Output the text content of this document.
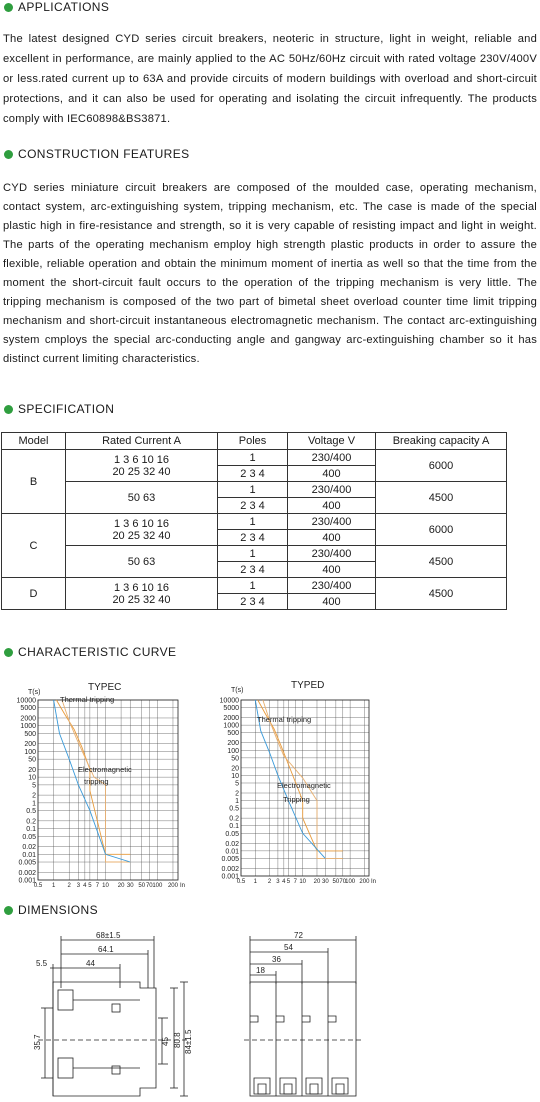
APPLICATIONS

The latest designed CYD series circuit breakers, neoteric in structure, light in weight, reliable and excellent in performance, are mainly applied to the AC 50Hz/60Hz circuit with rated voltage 230V/400V or less.rated current up to 63A and provide circuits of modern buildings with overload and short-circuit protections, and it can also be used for operating and isolating the circuit infrequently. The products comply with IEC60898&BS3871.

CONSTRUCTION FEATURES

CYD series miniature circuit breakers are composed of the moulded case, operating mechanism, contact system, arc-extinguishing system, tripping mechanism, etc. The case is made of the special plastic high in fire-resistance and strength, so it is very capable of resisting impact and light in weight. The parts of the operating mechanism employ high strength plastic products in order to assure the flexible, reliable operation and obtain the minimum moment of inertia as well so that the time from the moment the short-circuit fault occurs to the operation of the tripping mechanism is very little. The tripping mechanism is composed of the two part of bimetal sheet overload counter time limit tripping mechanism and short-circuit instantaneous electromagnetic mechanism. The contact arc-extinguishing system cmploys the special arc-conducting angle and gangway arc-extinguishing chamber so it has distinct current limiting characteristics.

SPECIFICATION
Model	Rated Current A	Poles	Voltage V	Breaking capacity A
B	1 3 6 10 16
20 25 32 40	1	230/400	6000
		2 3 4	400	
	50 63	1	230/400	4500
		2 3 4	400	
C	1 3 6 10 16
20 25 32 40	1	230/400	6000
		2 3 4	400	
	50 63	1	230/400	4500
		2 3 4	400	
D	1 3 6 10 16
20 25 32 40	1	230/400	4500
		2 3 4	400	
CHARACTERISTIC CURVE
TYPEC
T(s)
10000
5000
2000
1000
500
200
100
50
20
10
5
2
1
0.5
0.2
0.1
0.05
0.02
0.01
0.005
0.002
0.001
0.5 1 2 3 4 5 7 10 20 30 50 70 100 200 In
Thermal tripping
Electromagnetic
tripping
TYPED
T(s)
10000
5000
2000
1000
500
200
100
50
20
10
5
2
1
0.5
0.2
0.1
0.05
0.02
0.01
0.005
0.002
0.001
0.5 1 2 3 4 5 7 10 20 30 50 70
100 200 In
Thermal tripping
Electromagnetic
Tripping
DIMENSIONS
68±1.5
64.1
44
5.5
35.7	45 80.8 84±1.5
72
54
36
18
